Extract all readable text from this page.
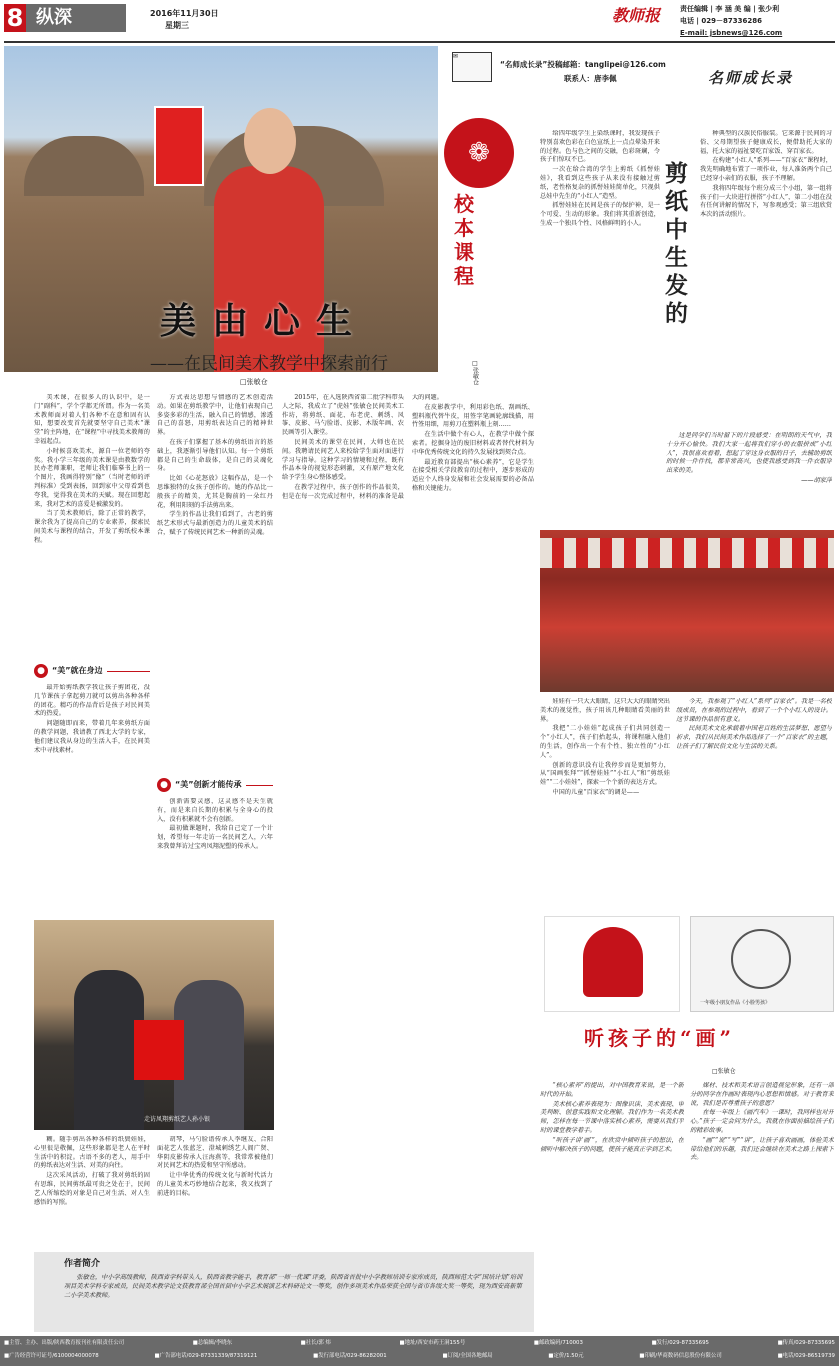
8 纵深	2016年11月30日
星期三
教师报	责任编辑 | 李 涵 美 编 | 张少利
电话 | 029－87336286
E-mail: jsbnews@126.com
美由心生
——在民间美术教学中探索前行
□张敏仓
✉
“名师成长录”投稿邮箱：tanglipei@126.com
联系人：唐李佩	名师成长录
❁
校本课程
□张敏仓

给四年级学生上染纸课时，我发现孩子特别喜欢色彩在白色宣纸上一点点晕染开来的过程。色与色之间的交融，色彩斑斓，令孩子们惊叹不已。

一次在给合湾的学生上剪纸《抓髻娃娃》，我看到这些孩子从来没有接触过剪纸，老性格复杂的抓髻娃娃简单化，只视供总娃中先生的“小红人”造型。

抓髻娃娃在民间是孩子的保护神，是一个可爱、生动的形象。我们将其重新创造，生成一个独具个性、风格鲜明的小人。

剪纸中生发的

种典型的汉族民俗服装。它来源于民间的习俗、父母期望孩子健康成长，便借助托大家的福，托大家的福祉要吃百家饭、穿百家衣。

在构建“小红人”系列——“百家衣”课程时，我先明确地布置了一项作业，每人准备两个自己已经穿小亲们的衣服，孩子不理解。

我将四年级每个班分成三个小组，第一组将孩子们一大块进行拼搭“小红人”，第二小组在没有任何讲解的情况下，写参观感受；第三组欣赏本次的活动照片。

这是同学们当时留下的片段感受：在明朗的天气中，我十分开心愉快。我们大家一起将我们穿小的衣服拼成“小红人”，我很喜欢看着，想起了穿这身衣服的日子，去辅助剪纸的时候一件件找，都非常高兴，也使我感受到我一件衣服穿出来的美。

——胡家萍

娃娃有一只大大眼睛，这只大大的眼睛突出美术的视觉性，孩子用该几种眼睛看美丽的世界。

我把“二小娃娃”起成孩子们共同创造一个“小红人”，孩子们抬起头，将课程融入他们的生活，创作出一个有个性、独立性的“小红人”。

创新的意识没有让我停步而是更加努力，从“国画张拜”“抓髻娃娃”“小红人”和“剪纸娃娃”“二小娃娃”，探索一个个新的表达方式。

中国的儿童“百家衣”的调是——

今天，我参观了“小红人”系列“百家衣”。我是一名校级成员，在参观的过程中，看到了一个个小红人的设计。这节课的作品很有意义。

民间美术文化承载着中国老百姓的生活梦想、愿望与祈求，我们从民间美术作品选择了一个“百家衣”的主题，让孩子们了解民俗文化与生活的关系。

一年级小朋友作品《小脸男孩》
听孩子的“画”
□张敏仓

“核心素养”的提出，对中国教育来说，是一个新时代的开始。

美术核心素养表现为：图像识读、美术表现、审美判断、创意实践和文化理解。我们作为一名美术教师，怎样在每一节课中落实核心素养，需要从我们平时的课堂教学着手。

“听孩子讲‘画’”，在欣赏中倾听孩子的想法，在倾听中解决孩子的问题，使孩子能真正学到艺术。

媒材、技术和美术语言创造视觉形象，还有一部分的同学在作画时表现内心思想和情感。对于教育来说，我们是否尊重孩子的意愿？

在每一年级上《画汽车》一课时，我同样也对开心。”孩子一定会问为什么，我就在你面前描绘孩子们的精彩故事。

“画”“说”“写”“讲”，让孩子喜欢画画，体验美术带给他们的乐趣，我们还会继续在美术之路上探索下去。

美术课，在很多人的认识中，是一门“副科”，学个学都无所谓。作为一名美术教师面对着人们各种不在意和固有认知，想要改变首先就要坚守自己美术“课堂”的主阵地，在“课程”中寻找美术教师的幸福起点。

小时候喜欢美术，源自一位老师的夸奖。我小学三年级的美术课是由教数学的民办老师兼职，老师让我们临摹书上的一个图片，我画得特别“像”（当时老师的评判标准）受到表扬，回到家中父母看到也夸我，觉得我在美术的天赋。现在回想起来，我对艺术的喜爱是被激发的。

当了美术教师后，除了正常的教学，课余我为了提高自己的专业素养，探索民间美术与课程的结合，开发了剪纸校本课程。

● “美”就在身边

最开始剪纸教学我让孩子剪团花，没几节课孩子拿起剪刀就可以剪出各种各样的团花。精巧的作品背后是孩子对民间美术的热爱。

问题随即而来，带着几年来剪纸方面的教学问题，我请教了西北大学的专家，他们建议我从身边的生活入手，在民间美术中寻找素材。

方式表达思想与情感的艺术创造活动。如果在剪纸教学中，让他们表现自己多姿多彩的生活，融入自己的情感，渗透自己的喜怒，用剪纸表达自己的精神世界。

在孩子们掌握了基本的剪纸语言的基础上，我逐渐引导他们认知。每一个剪纸都是自己的生命载体，是自己的灵魂化身。

比如《心花怒放》这幅作品，是一个思维独特的女孩子创作的。她的作品比一般孩子的精美，尤其是胸前的一朵红丹花，利用阳刻的手法剪出来。

学生的作品让我们看到了，古老的剪纸艺术形式与最新创造力的儿童美术的结合，赋予了传统民间艺术一种新的灵魂。

● “美”创新才能传承

创新需要灵感，这灵感不是天生就有，而是来自长期的积累与全身心的投入，没有积累就不会有创新。

最初做课题时，我给自己定了一个计划，希望每一年走访一名民间艺人，六年来我曾拜访过宝鸡凤翔泥塑的传承人。

2015年，在入选陕西省第二批学科带头人之际，我成立了“虎娃”张敏仓民间美术工作坊，将剪纸、面花、布老虎、刺绣、风筝、皮影、马勺脸谱、皮影、木版年画、农民画等引入课堂。

民间美术的课堂在民间，大师也在民间。我聘请民间艺人来校给学生面对面进行学习与指导。这种学习的情境和过程，既有作品本身的视觉形态刺激，又有原产地文化给予学生身心整体感受。

在教学过程中，孩子创作的作品很美，但是在每一次完成过程中，材料的准备是最大的问题。

在皮影教学中，利用彩色纸、刮画纸、塑料瓶代替牛皮，用签字笔画轮廓线描，用竹签用细，用剪刀在塑料瓶上刻……

在生活中做个有心人，在教学中做个探索者。挖掘身边的废旧材料或者替代材料为中华优秀传统文化的持久发展找到契合点。

最近教育部提出“核心素养”，它是学生在接受相关学段教育的过程中，逐步形成的适应个人终身发展和社会发展需要的必备品格和关键能力。

走访凤翔剪纸艺人孙小银

糊。随手剪出各种各样的纸鬓娃娃，心里很是敬佩，这些形象都是老人在平时生活中的积淀。古语不多的老人，用手中的剪纸表达对生活、对美的向往。

这次采风活动，打破了我对剪纸的固有思维，民间剪纸最可贵之处在于，民间艺人所缩绘的对象是自己对生活、对人生感悟的写照。

胡琴，马勺脸谱传承人李继友、合阳面花艺人张蓝芝、澄城刺绣艺人阎广贤、华阴皮影传承人汪海燕等，我常常被他们对民间艺术的热爱和坚守所感动。

让中华优秀的传统文化与新时代活力的儿童美术巧妙地结合起来，我又找到了前进的目标。

作者简介
张敏仓，中小学高级教师，陕西省学科带头人，陕西省教学能手，教育部“一师一优课”评委，陕西省首批中小学教师培训专家库成员，陕西师范大学“国培计划”培训项目美术学科专家成员，民间美术教学论文获教育部全国首届中小学艺术展演艺术科研论文一等奖，创作多项美术作品荣获全国与省市各级大奖一等奖，现为西安高新第二小学美术教师。
■主管、主办、出版/陕西教育报刊社有限责任公司	■总编辑/李晓东	■社长/郭 炜	■地址/西安市药王洞155号	■邮政编码/710003	■发行/029-87335695	■传真/029-87335695
■广告经营许可证号/6100004000078	■广告部电话/029-87331339/87319121	■发行部电话/029-86282001	■订阅/全国各地邮局	■定价/1.50元	■印刷/华商数码信息股份有限公司	■电话/029-86519739
